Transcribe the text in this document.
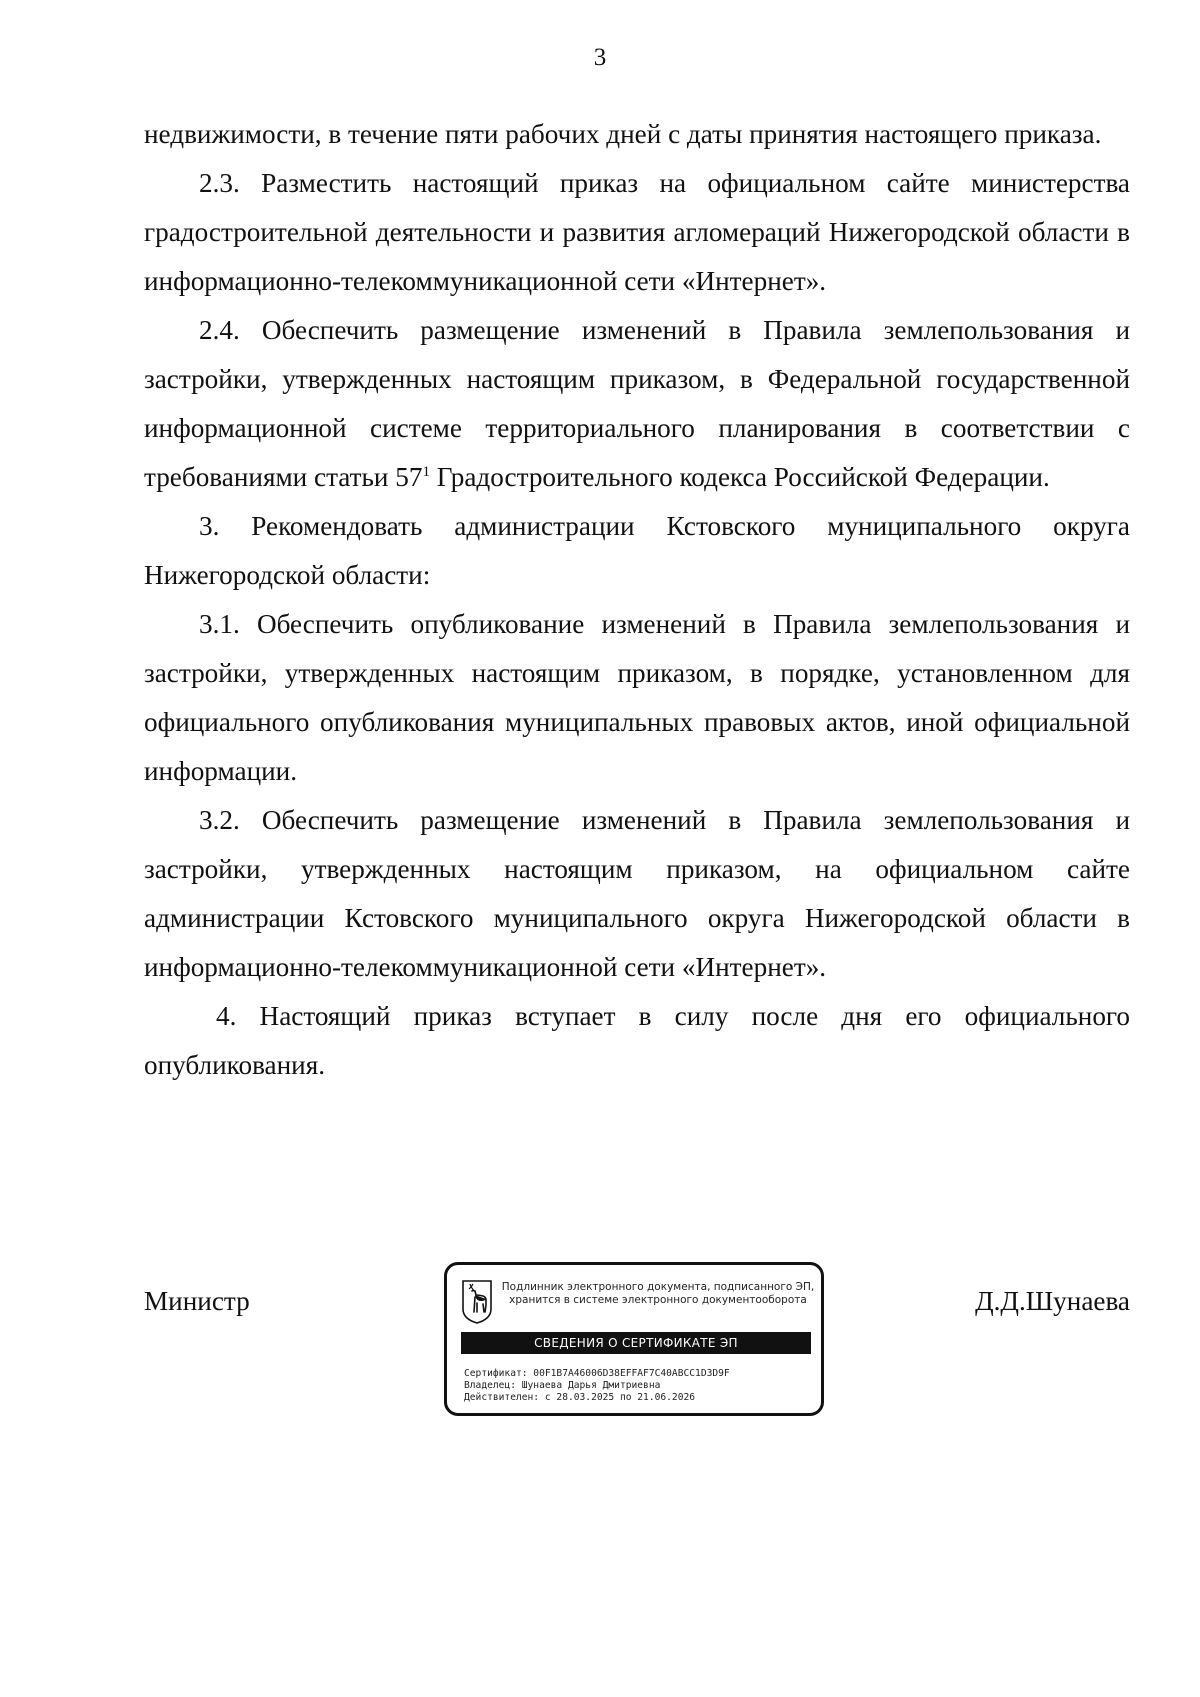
3

недвижимости, в течение пяти рабочих дней с даты принятия настоящего приказа.

2.3. Разместить настоящий приказ на официальном сайте министерства градостроительной деятельности и развития агломераций Нижегородской области в информационно-телекоммуникационной сети «Интернет».

2.4. Обеспечить размещение изменений в Правила землепользования и застройки, утвержденных настоящим приказом, в Федеральной государственной информационной системе территориального планирования в соответствии с требованиями статьи $57^1$ Градостроительного кодекса Российской Федерации.

3. Рекомендовать администрации Кстовского муниципального округа Нижегородской области:

3.1. Обеспечить опубликование изменений в Правила землепользования и застройки, утвержденных настоящим приказом, в порядке, установленном для официального опубликования муниципальных правовых актов, иной официальной информации.

3.2. Обеспечить размещение изменений в Правила землепользования и застройки, утвержденных настоящим приказом, на официальном сайте администрации Кстовского муниципального округа Нижегородской области в информационно-телекоммуникационной сети «Интернет».

4. Настоящий приказ вступает в силу после дня его официального опубликования.

Министр	Д.Д.Шунаева
Подлинник электронного документа, подписанного ЭП,
хранится в системе электронного документооборота
СВЕДЕНИЯ О СЕРТИФИКАТЕ ЭП
Сертификат: 00F1B7A46006D38EFFAF7C40ABCC1D3D9F
Владелец: Шунаева Дарья Дмитриевна
Действителен: с 28.03.2025 по 21.06.2026
